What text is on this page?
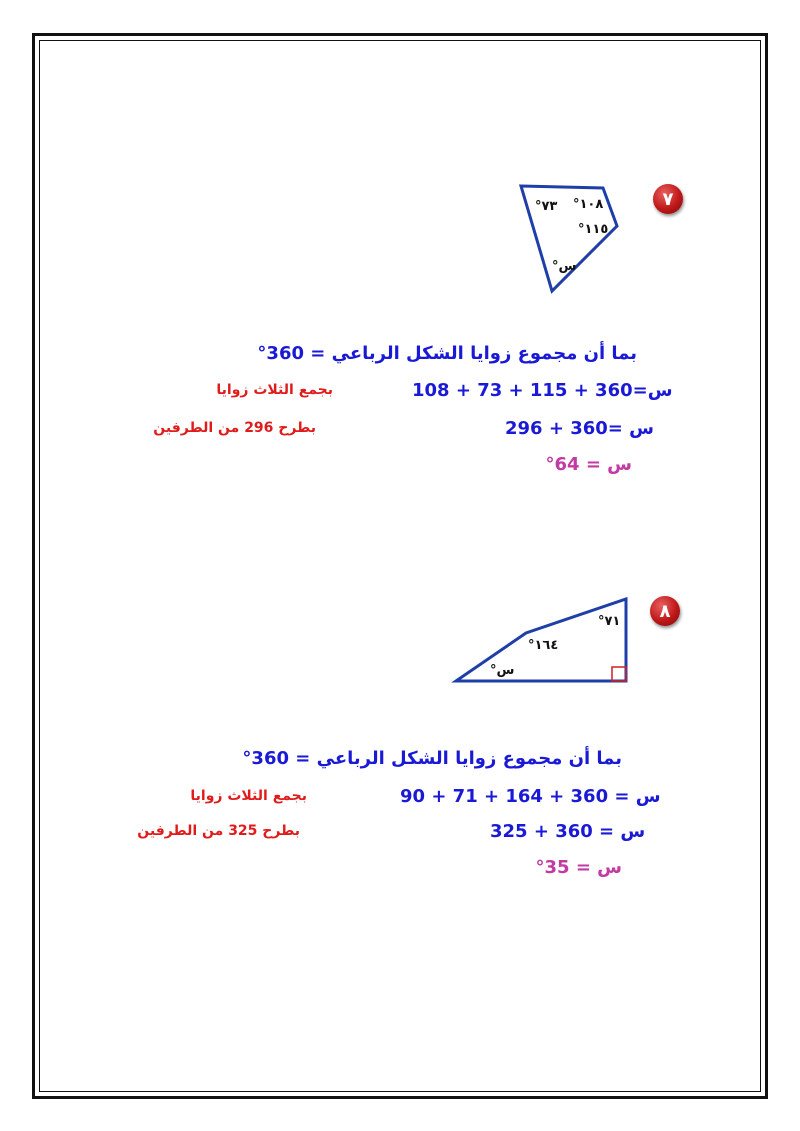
٧
°٧٣ °١٠٨
°١١٥
°س
بما أن مجموع زوايا الشكل الرباعي = 360°
108 + 73 + 115 + س=360
بجمع الثلاث زوايا
296 + س =360
بطرح 296 من الطرفين
س = 64°
٨
°٧١
°١٦٤
°س
بما أن مجموع زوايا الشكل الرباعي = 360°
90 + 71 + 164 + س = 360
بجمع الثلاث زوايا
325 + س = 360
بطرح 325 من الطرفين
س = 35°
